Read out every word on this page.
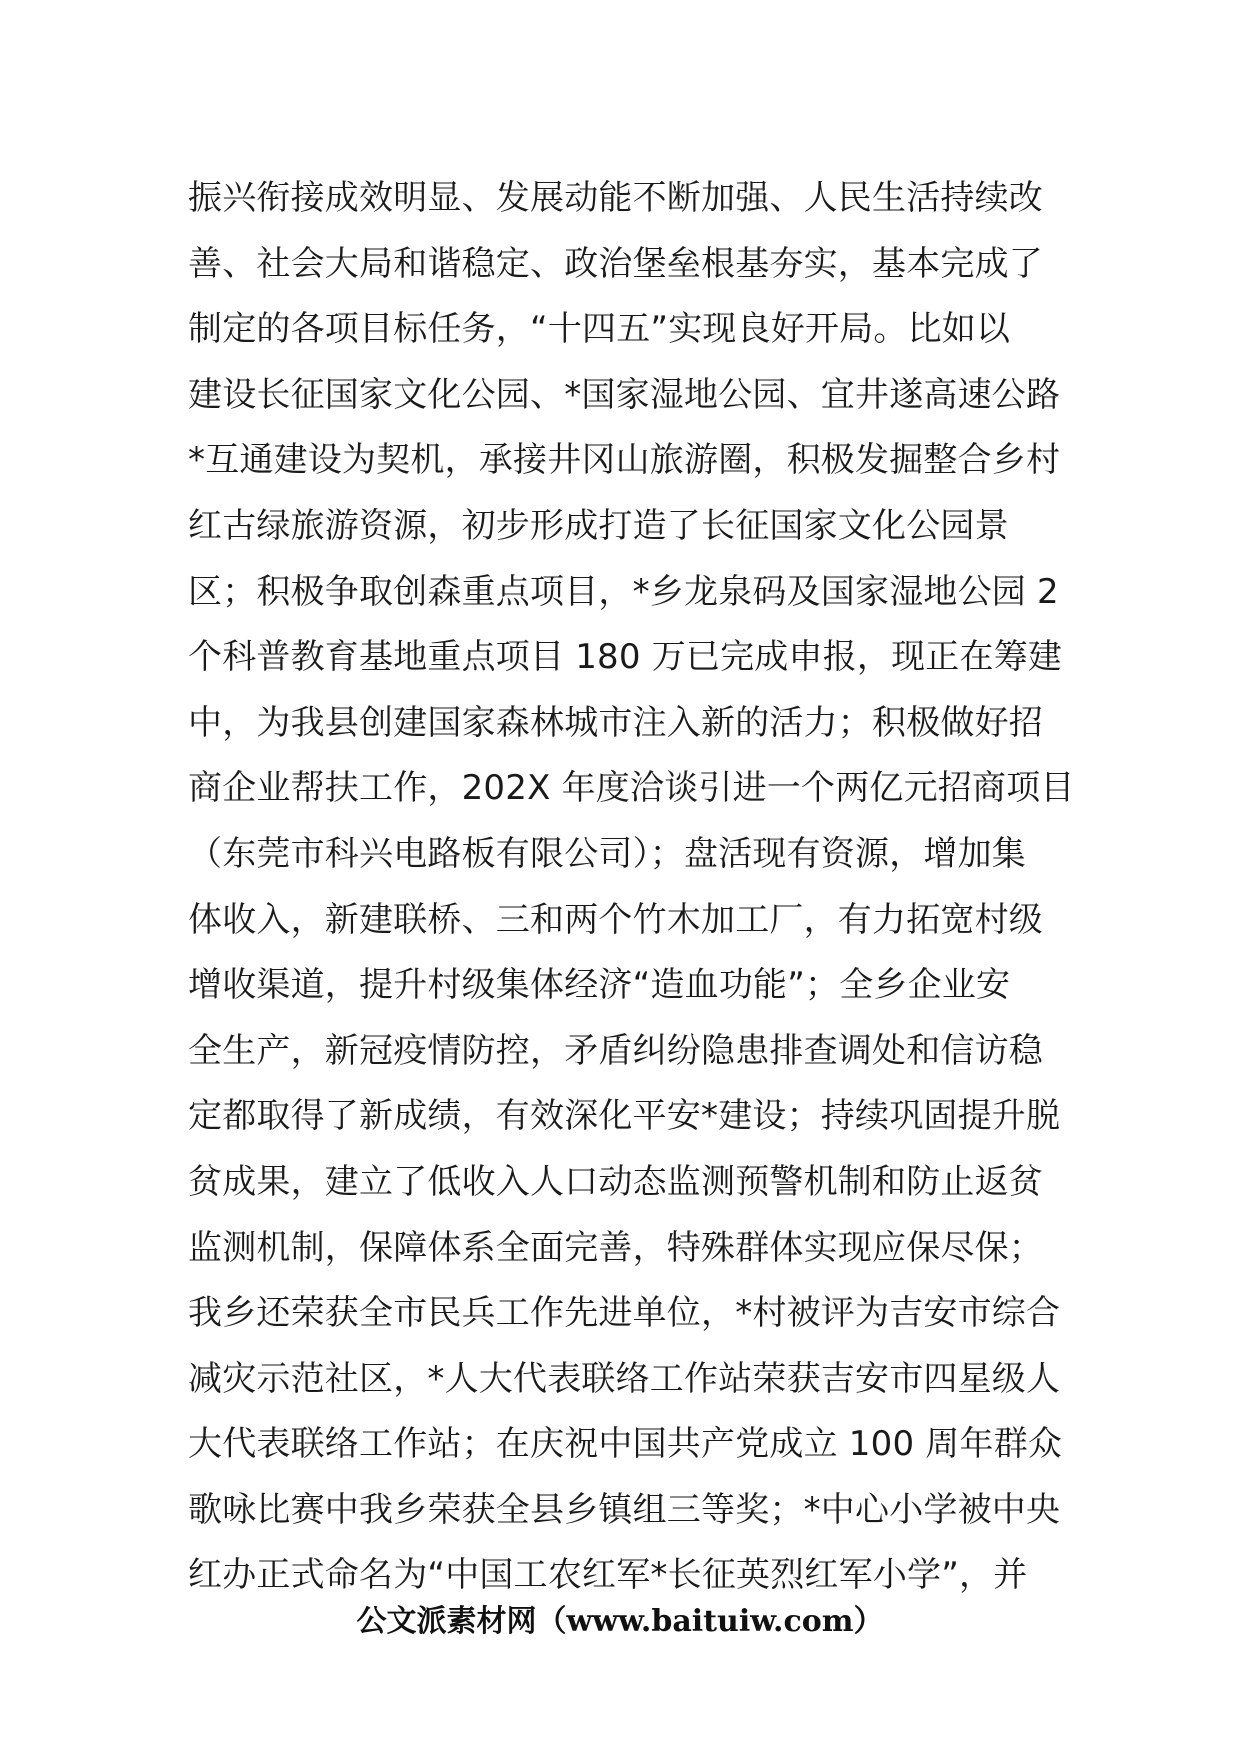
振兴衔接成效明显、发展动能不断加强、人民生活持续改
善、社会大局和谐稳定、政治堡垒根基夯实，基本完成了
制定的各项目标任务，“十四五”实现良好开局。比如以
建设长征国家文化公园、*国家湿地公园、宜井遂高速公路
*互通建设为契机，承接井冈山旅游圈，积极发掘整合乡村
红古绿旅游资源，初步形成打造了长征国家文化公园景
区；积极争取创森重点项目，*乡龙泉码及国家湿地公园 2
个科普教育基地重点项目 180 万已完成申报，现正在筹建
中，为我县创建国家森林城市注入新的活力；积极做好招
商企业帮扶工作，202X 年度洽谈引进一个两亿元招商项目
（东莞市科兴电路板有限公司）；盘活现有资源，增加集
体收入，新建联桥、三和两个竹木加工厂，有力拓宽村级
增收渠道，提升村级集体经济“造血功能”；全乡企业安
全生产，新冠疫情防控，矛盾纠纷隐患排查调处和信访稳
定都取得了新成绩，有效深化平安*建设；持续巩固提升脱
贫成果，建立了低收入人口动态监测预警机制和防止返贫
监测机制，保障体系全面完善，特殊群体实现应保尽保；
我乡还荣获全市民兵工作先进单位，*村被评为吉安市综合
减灾示范社区，*人大代表联络工作站荣获吉安市四星级人
大代表联络工作站；在庆祝中国共产党成立 100 周年群众
歌咏比赛中我乡荣获全县乡镇组三等奖；*中心小学被中央
红办正式命名为“中国工农红军*长征英烈红军小学”，并
公文派素材网（www.baituiw.com）
